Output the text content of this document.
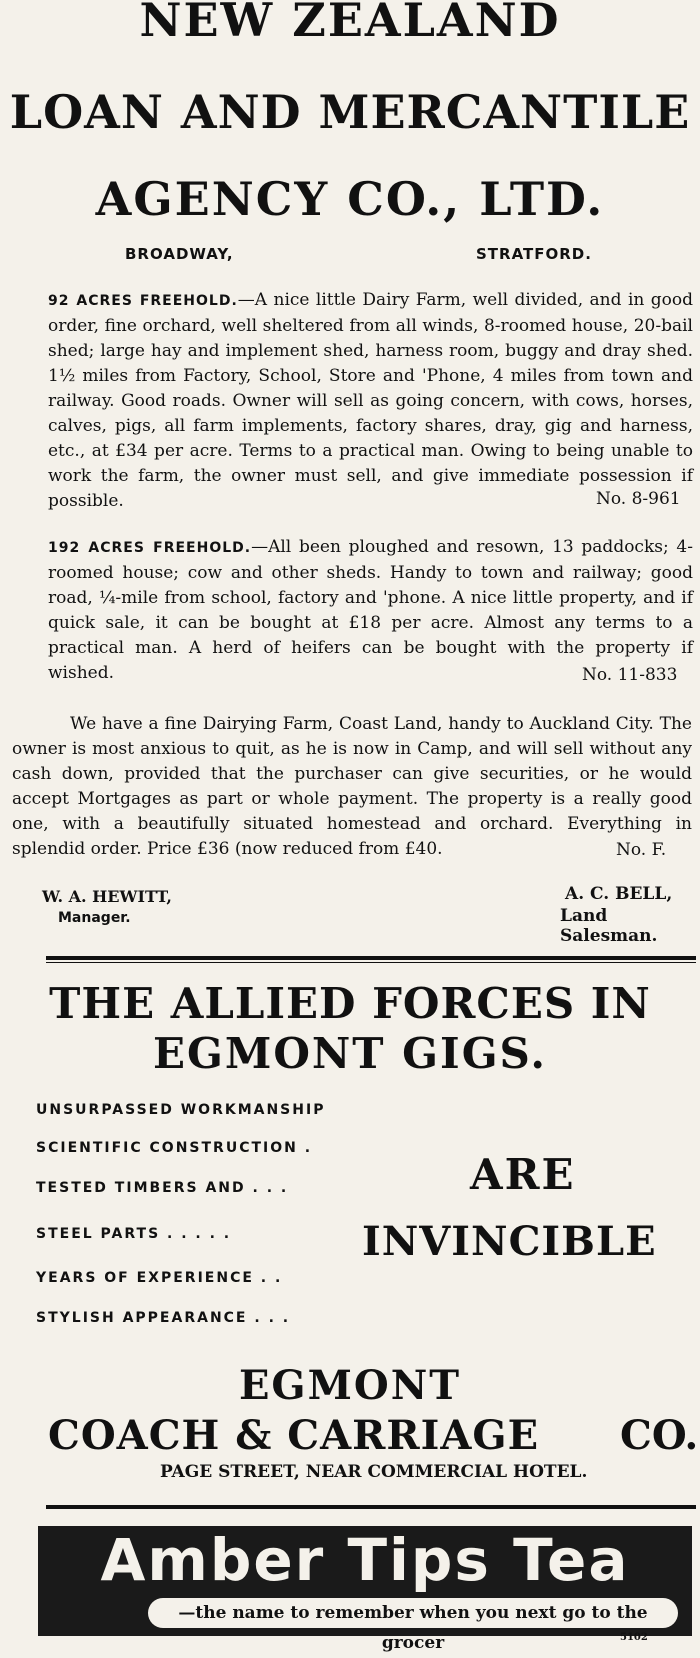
NEW ZEALAND
LOAN AND MERCANTILE
AGENCY CO., LTD.
BROADWAY,	STRATFORD.
92 ACRES FREEHOLD.—A nice little Dairy Farm, well divided, and in good order, fine orchard, well sheltered from all winds, 8-roomed house, 20-bail shed; large hay and implement shed, harness room, buggy and dray shed. 1½ miles from Factory, School, Store and 'Phone, 4 miles from town and railway. Good roads. Owner will sell as going concern, with cows, horses, calves, pigs, all farm implements, factory shares, dray, gig and harness, etc., at £34 per acre. Terms to a practical man. Owing to being unable to work the farm, the owner must sell, and give immediate possession if possible.	No. 8-961
192 ACRES FREEHOLD.—All been ploughed and resown, 13 paddocks; 4-roomed house; cow and other sheds. Handy to town and railway; good road, ¼-mile from school, factory and 'phone. A nice little property, and if quick sale, it can be bought at £18 per acre. Almost any terms to a practical man. A herd of heifers can be bought with the property if wished.	No. 11-833
We have a fine Dairying Farm, Coast Land, handy to Auckland City. The owner is most anxious to quit, as he is now in Camp, and will sell without any cash down, provided that the purchaser can give securities, or he would accept Mortgages as part or whole payment. The property is a really good one, with a beautifully situated homestead and orchard. Everything in splendid order. Price £36 (now reduced from £40.	No. F.
W. A. HEWITT,
Manager.
A. C. BELL,
Land Salesman.
THE ALLIED FORCES IN
EGMONT GIGS.
UNSURPASSED WORKMANSHIP
SCIENTIFIC CONSTRUCTION .
TESTED TIMBERS AND . . .
STEEL PARTS . . . . .
YEARS OF EXPERIENCE . .
STYLISH APPEARANCE . . .
ARE
INVINCIBLE
EGMONT
COACH & CARRIAGE CO.
PAGE STREET, NEAR COMMERCIAL HOTEL.
Amber Tips Tea
—the name to remember when you next go to the grocer	5102
